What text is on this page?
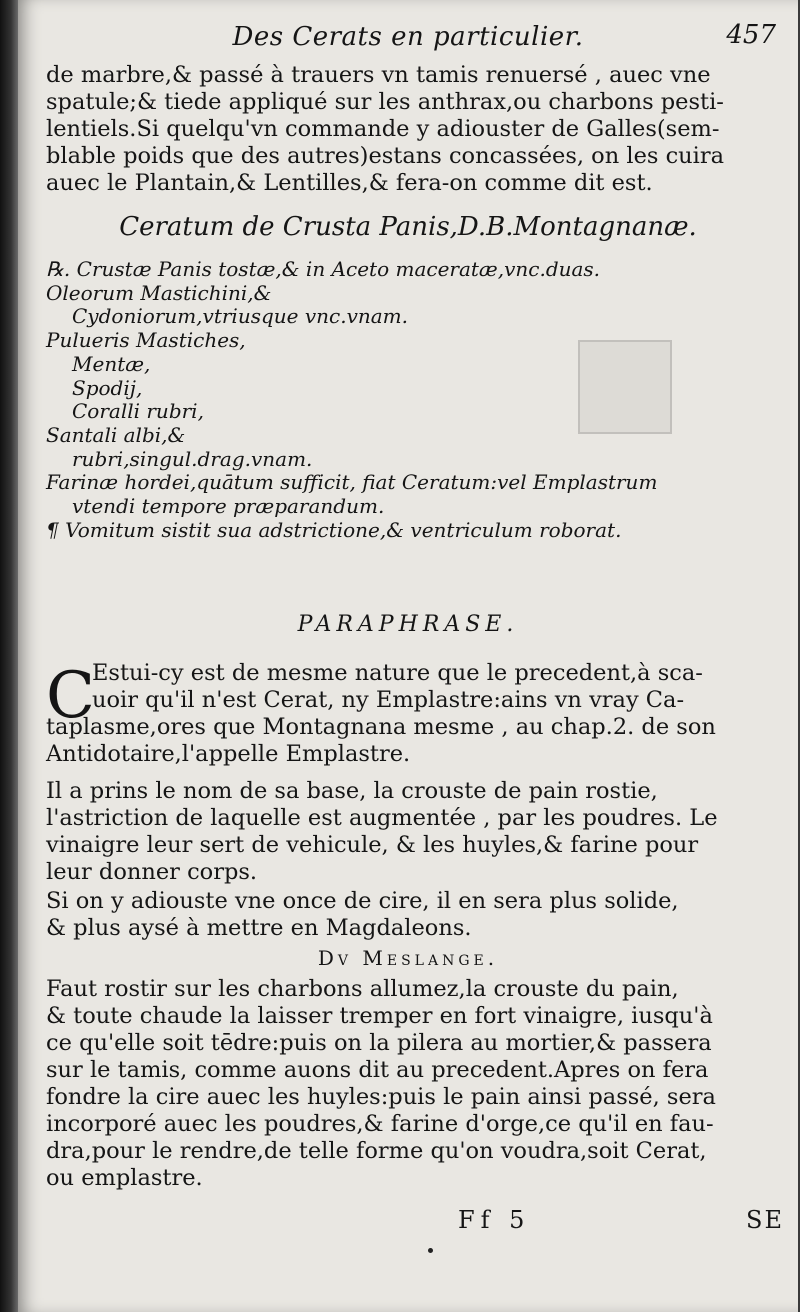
Des Cerats en particulier.	457
de marbre,& passé à trauers vn tamis renuersé , auec vne
spatule;& tiede appliqué sur les anthrax,ou charbons pesti-
lentiels.Si quelqu'vn commande y adiouster de Galles(sem-
blable poids que des autres)estans concassées, on les cuira
auec le Plantain,& Lentilles,& fera-on comme dit est.
Ceratum de Crusta Panis,D.B.Montagnanæ.
℞. Crustæ Panis tostæ,& in Aceto maceratæ,vnc.duas.
Oleorum Mastichini,&
Cydoniorum,vtriusque vnc.vnam.
Pulueris Mastiches,
Mentæ,
Spodij,
Coralli rubri,
Santali albi,&
rubri,singul.drag.vnam.
Farinæ hordei,quātum sufficit, fiat Ceratum:vel Emplastrum
vtendi tempore præparandum.
¶ Vomitum sistit sua adstrictione,& ventriculum roborat.
PARAPHRASE.
C
Estui-cy est de mesme nature que le precedent,à sca-
uoir qu'il n'est Cerat, ny Emplastre:ains vn vray Ca-
taplasme,ores que Montagnana mesme , au chap.2. de son
Antidotaire,l'appelle Emplastre.
Il a prins le nom de sa base, la crouste de pain rostie,
l'astriction de laquelle est augmentée , par les poudres. Le
vinaigre leur sert de vehicule, & les huyles,& farine pour
leur donner corps.
Si on y adiouste vne once de cire, il en sera plus solide,
& plus aysé à mettre en Magdaleons.
Dv Meslange.
Faut rostir sur les charbons allumez,la crouste du pain,
& toute chaude la laisser tremper en fort vinaigre, iusqu'à
ce qu'elle soit tēdre:puis on la pilera au mortier,& passera
sur le tamis, comme auons dit au precedent.Apres on fera
fondre la cire auec les huyles:puis le pain ainsi passé, sera
incorporé auec les poudres,& farine d'orge,ce qu'il en fau-
dra,pour le rendre,de telle forme qu'on voudra,soit Cerat,
ou emplastre.
Ff 5	SE
